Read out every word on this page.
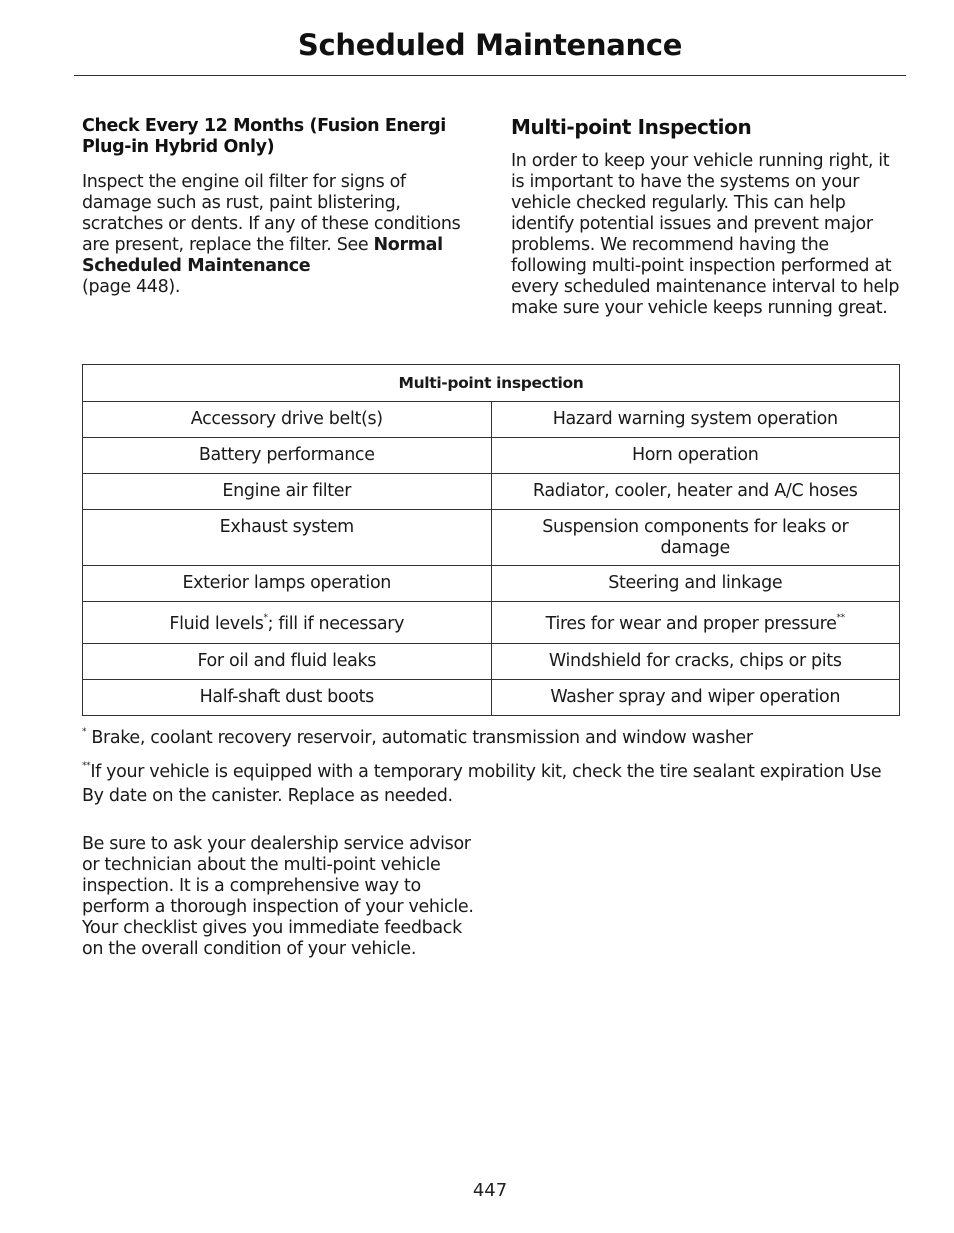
Scheduled Maintenance

Check Every 12 Months (Fusion Energi Plug-in Hybrid Only)

Inspect the engine oil filter for signs of damage such as rust, paint blistering, scratches or dents. If any of these conditions are present, replace the filter. See Normal Scheduled Maintenance
(page 448).

Multi-point Inspection

In order to keep your vehicle running right, it is important to have the systems on your vehicle checked regularly. This can help identify potential issues and prevent major problems. We recommend having the following multi-point inspection performed at every scheduled maintenance interval to help make sure your vehicle keeps running great.

Multi-point inspection	
Accessory drive belt(s)	Hazard warning system operation
Battery performance	Horn operation
Engine air filter	Radiator, cooler, heater and A/C hoses
Exhaust system	Suspension components for leaks or damage
Exterior lamps operation	Steering and linkage
Fluid levels*; fill if necessary	Tires for wear and proper pressure**
For oil and fluid leaks	Windshield for cracks, chips or pits
Half-shaft dust boots	Washer spray and wiper operation

* Brake, coolant recovery reservoir, automatic transmission and window washer

**If your vehicle is equipped with a temporary mobility kit, check the tire sealant expiration Use By date on the canister. Replace as needed.

Be sure to ask your dealership service advisor or technician about the multi-point vehicle inspection. It is a comprehensive way to perform a thorough inspection of your vehicle. Your checklist gives you immediate feedback on the overall condition of your vehicle.

447
